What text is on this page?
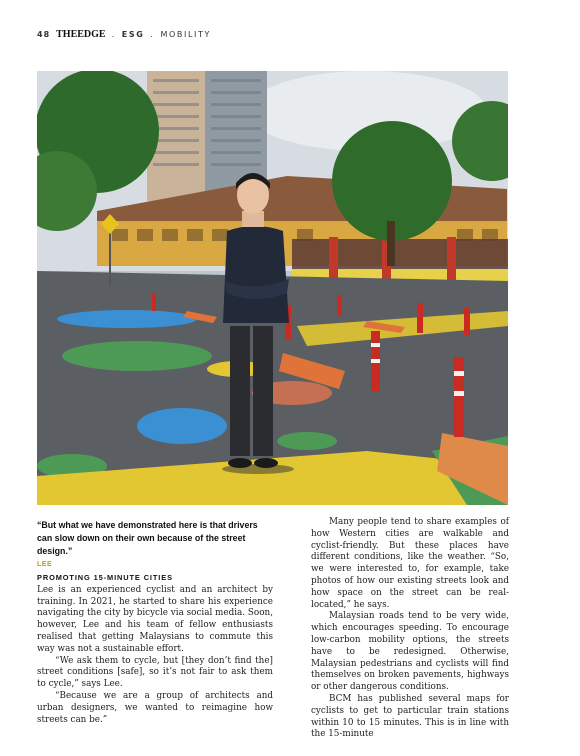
48 THEEDGE . ESG . MOBILITY

“But what we have demonstrated here is that drivers can slow down on their own because of the street design.”

LEE
PROMOTING 15-MINUTE CITIES

Lee is an experienced cyclist and an architect by training. In 2021, he started to share his experience navigating the city by bicycle via social media. Soon, however, Lee and his team of fellow enthusiasts realised that getting Malaysians to commute this way was not a sustainable effort.

“We ask them to cycle, but [they don’t find the] street conditions [safe], so it’s not fair to ask them to cycle,” says Lee.

“Because we are a group of architects and urban designers, we wanted to reimagine how streets can be.”

Many people tend to share examples of how Western cities are walkable and cyclist-friendly. But these places have different conditions, like the weather. “So, we were interested to, for example, take photos of how our existing streets look and how space on the street can be real-located,” he says.

Malaysian roads tend to be very wide, which encourages speeding. To encourage low-carbon mobility options, the streets have to be redesigned. Otherwise, Malaysian pedestrians and cyclists will find themselves on broken pavements, highways or other dangerous conditions.

BCM has published several maps for cyclists to get to particular train stations within 10 to 15 minutes. This is in line with the 15-minute
